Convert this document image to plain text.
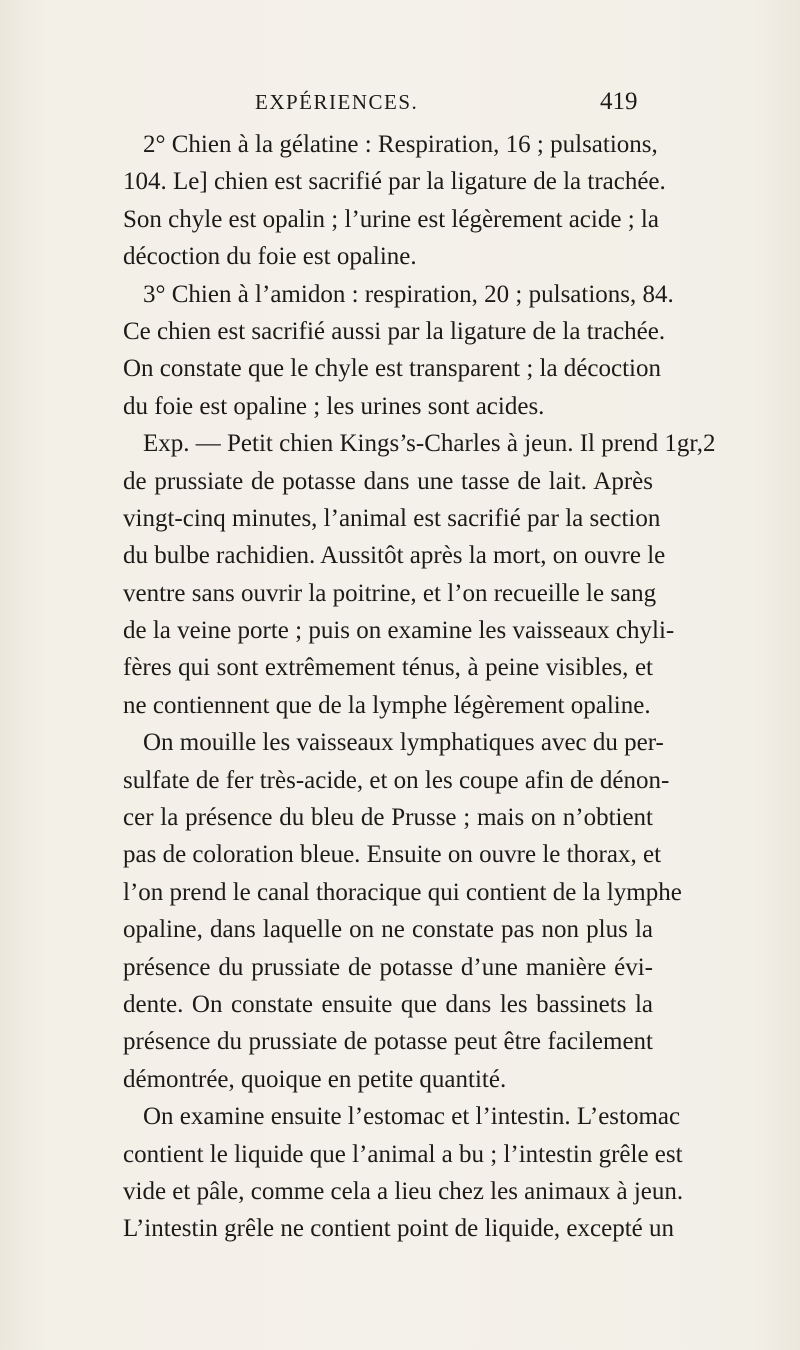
EXPÉRIENCES.	419
2° Chien à la gélatine : Respiration, 16 ; pulsations,
104. Le] chien est sacrifié par la ligature de la trachée.
Son chyle est opalin ; l’urine est légèrement acide ; la
décoction du foie est opaline.
3° Chien à l’amidon : respiration, 20 ; pulsations, 84.
Ce chien est sacrifié aussi par la ligature de la trachée.
On constate que le chyle est transparent ; la décoction
du foie est opaline ; les urines sont acides.
Exp. — Petit chien Kings’s-Charles à jeun. Il prend 1gr,2
de prussiate de potasse dans une tasse de lait. Après
vingt-cinq minutes, l’animal est sacrifié par la section
du bulbe rachidien. Aussitôt après la mort, on ouvre le
ventre sans ouvrir la poitrine, et l’on recueille le sang
de la veine porte ; puis on examine les vaisseaux chyli-
fères qui sont extrêmement ténus, à peine visibles, et
ne contiennent que de la lymphe légèrement opaline.
On mouille les vaisseaux lymphatiques avec du per-
sulfate de fer très-acide, et on les coupe afin de dénon-
cer la présence du bleu de Prusse ; mais on n’obtient
pas de coloration bleue. Ensuite on ouvre le thorax, et
l’on prend le canal thoracique qui contient de la lymphe
opaline, dans laquelle on ne constate pas non plus la
présence du prussiate de potasse d’une manière évi-
dente. On constate ensuite que dans les bassinets la
présence du prussiate de potasse peut être facilement
démontrée, quoique en petite quantité.
On examine ensuite l’estomac et l’intestin. L’estomac
contient le liquide que l’animal a bu ; l’intestin grêle est
vide et pâle, comme cela a lieu chez les animaux à jeun.
L’intestin grêle ne contient point de liquide, excepté un
